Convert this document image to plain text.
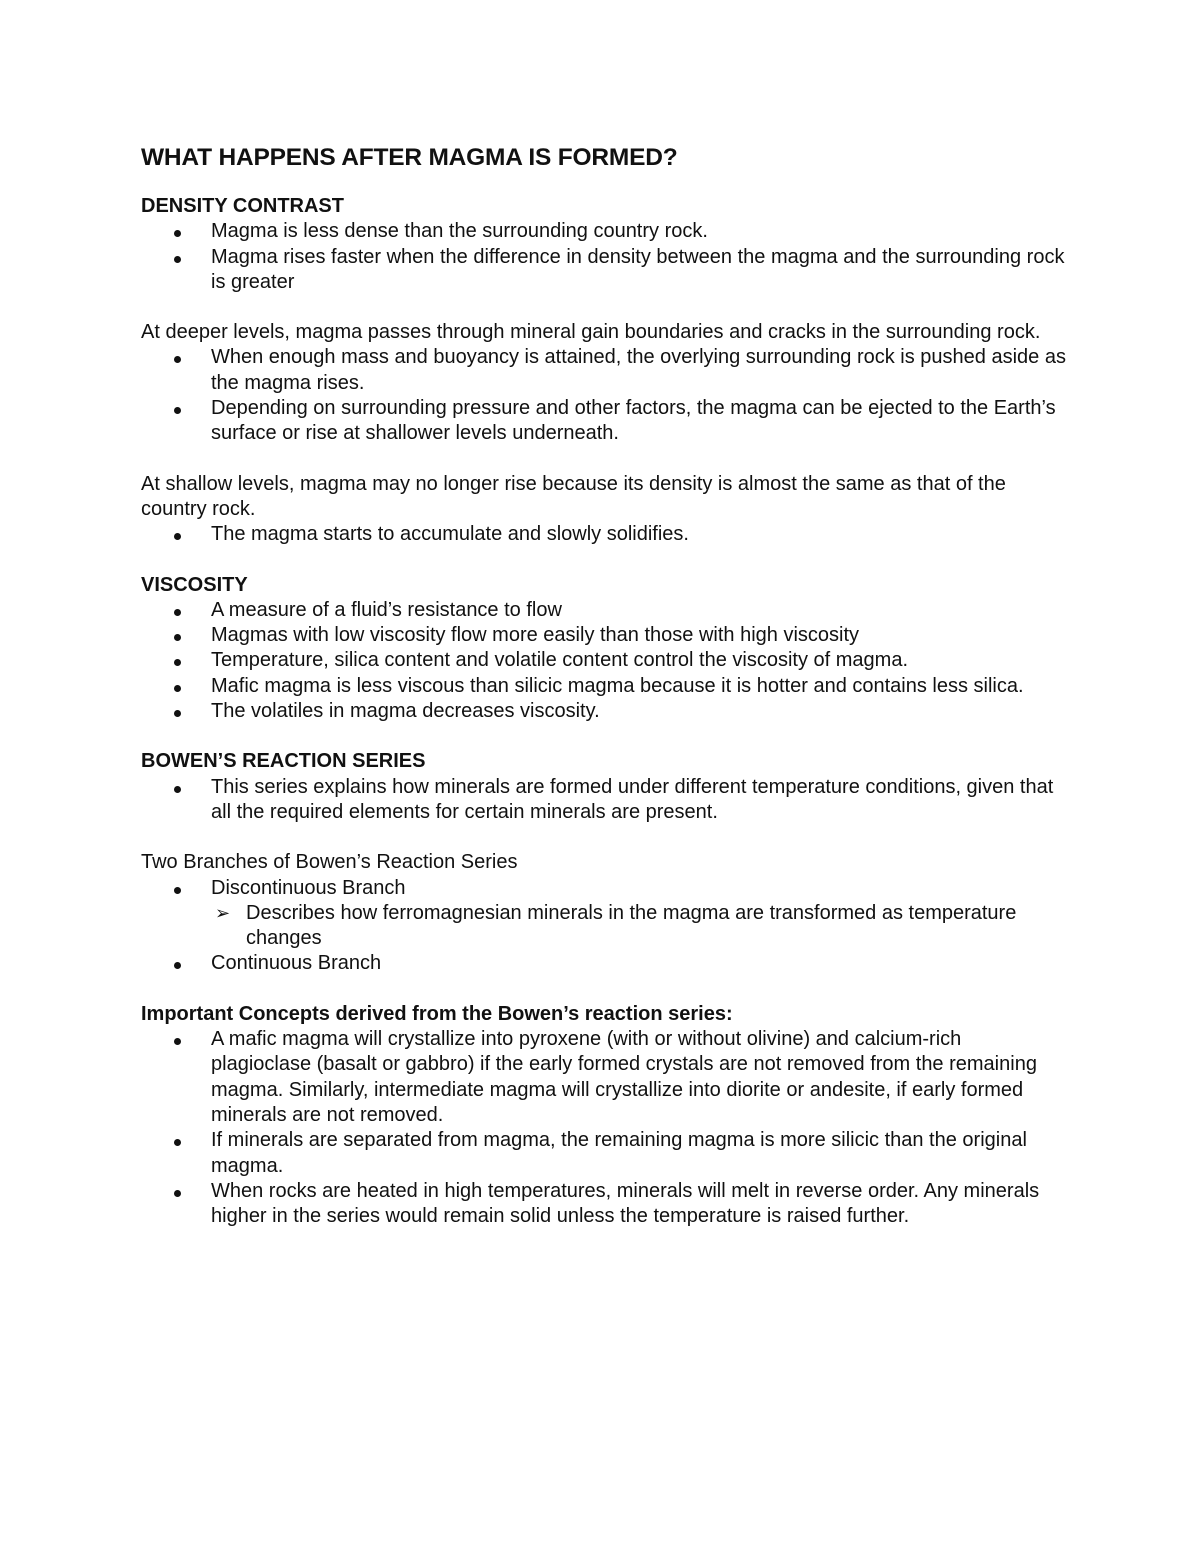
WHAT HAPPENS AFTER MAGMA IS FORMED?
DENSITY CONTRAST
Magma is less dense than the surrounding country rock.
Magma rises faster when the difference in density between the magma and the surrounding rock is greater

At deeper levels, magma passes through mineral gain boundaries and cracks in the surrounding rock.

When enough mass and buoyancy is attained, the overlying surrounding rock is pushed aside as the magma rises.
Depending on surrounding pressure and other factors, the magma can be ejected to the Earth’s surface or rise at shallower levels underneath.

At shallow levels, magma may no longer rise because its density is almost the same as that of the country rock.

The magma starts to accumulate and slowly solidifies.
VISCOSITY
A measure of a fluid’s resistance to flow
Magmas with low viscosity flow more easily than those with high viscosity
Temperature, silica content and volatile content control the viscosity of magma.
Mafic magma is less viscous than silicic magma because it is hotter and contains less silica.
The volatiles in magma decreases viscosity.
BOWEN’S REACTION SERIES
This series explains how minerals are formed under different temperature conditions, given that all the required elements for certain minerals are present.

Two Branches of Bowen’s Reaction Series

Discontinuous Branch
➢ Describes how ferromagnesian minerals in the magma are transformed as temperature changes
Continuous Branch
Important Concepts derived from the Bowen’s reaction series:
A mafic magma will crystallize into pyroxene (with or without olivine) and calcium-rich plagioclase (basalt or gabbro) if the early formed crystals are not removed from the remaining magma. Similarly, intermediate magma will crystallize into diorite or andesite, if early formed minerals are not removed.
If minerals are separated from magma, the remaining magma is more silicic than the original magma.
When rocks are heated in high temperatures, minerals will melt in reverse order. Any minerals higher in the series would remain solid unless the temperature is raised further.
